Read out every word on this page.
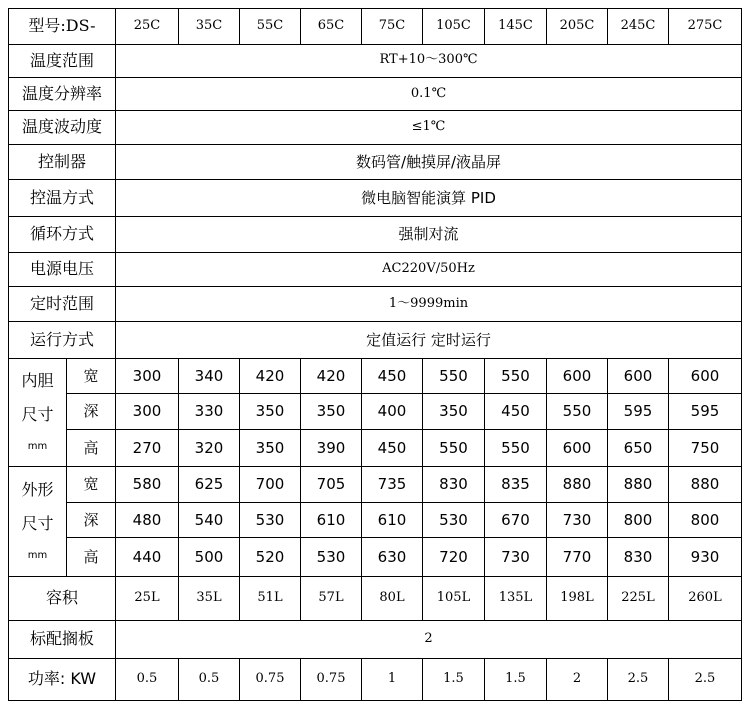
型号:DS-		25C	35C	55C	65C	75C	105C	145C	205C	245C	275C
温度范围		RT+10～300℃									
温度分辨率		0.1℃									
温度波动度		≤1℃									
控制器		数码管/触摸屏/液晶屏									
控温方式		微电脑智能演算 PID									
循环方式		强制对流									
电源电压		AC220V/50Hz									
定时范围		1～9999min									
运行方式		定值运行 定时运行									

内胆
尺寸
mm	宽	300	340	420	420	450	550	550	600	600	600
	深	300	330	350	350	400	350	450	550	595	595
	高	270	320	350	390	450	550	550	600	650	750

外形
尺寸
mm	宽	580	625	700	705	735	830	835	880	880	880
	深	480	540	530	610	610	530	670	730	800	800
	高	440	500	520	530	630	720	730	770	830	930
容积		25L	35L	51L	57L	80L	105L	135L	198L	225L	260L
标配搁板		2									
功率: KW		0.5	0.5	0.75	0.75	1	1.5	1.5	2	2.5	2.5
